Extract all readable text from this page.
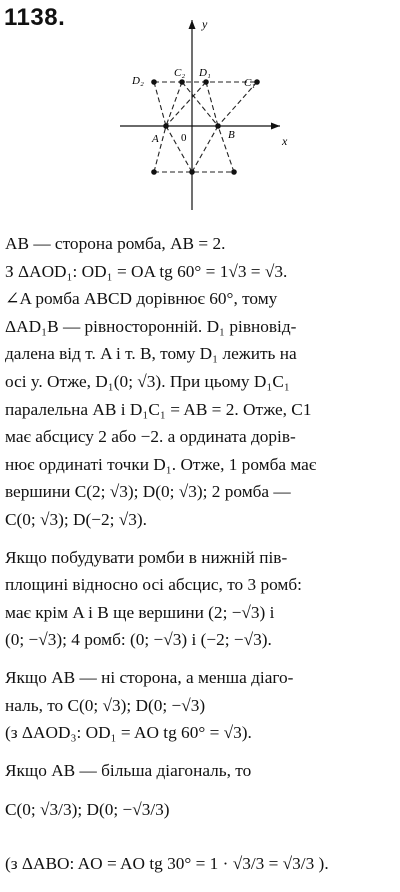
1138.
x
y
D₂
C₂ D₁
C₁
A	B
0
AB — сторона ромба, AB = 2.
З ΔAOD₁: OD₁ = OA tg 60° = 1√3 = √3.
∠A ромба ABCD дорівнює 60°, тому
ΔAD₁B — рівносторонній. D₁ рівновід-
далена від т. A і т. B, тому D₁ лежить на
осі y. Отже, D₁(0; √3). При цьому D₁C₁
паралельна AB і D₁C₁ = AB = 2. Отже, C1
має абсцису 2 або −2. а ордината дорів-
нює ординаті точки D₁. Отже, 1 ромба має
вершини C(2; √3); D(0; √3); 2 ромба —
C(0; √3); D(−2; √3).
Якщо побудувати ромби в нижній пів-
площині відносно осі абсцис, то 3 ромб:
має крім A і B ще вершини (2; −√3) і
(0; −√3); 4 ромб: (0; −√3) і (−2; −√3).
Якщо AB — ні сторона, а менша діаго-
наль, то C(0; √3); D(0; −√3)
(з ΔAOD₃: OD₁ = AO tg 60° = √3).
Якщо AB — більша діагональ, то
C(0; √3/3); D(0; −√3/3)
(з ΔABO: AO = AO tg 30° = 1 · √3/3 = √3/3 ).
